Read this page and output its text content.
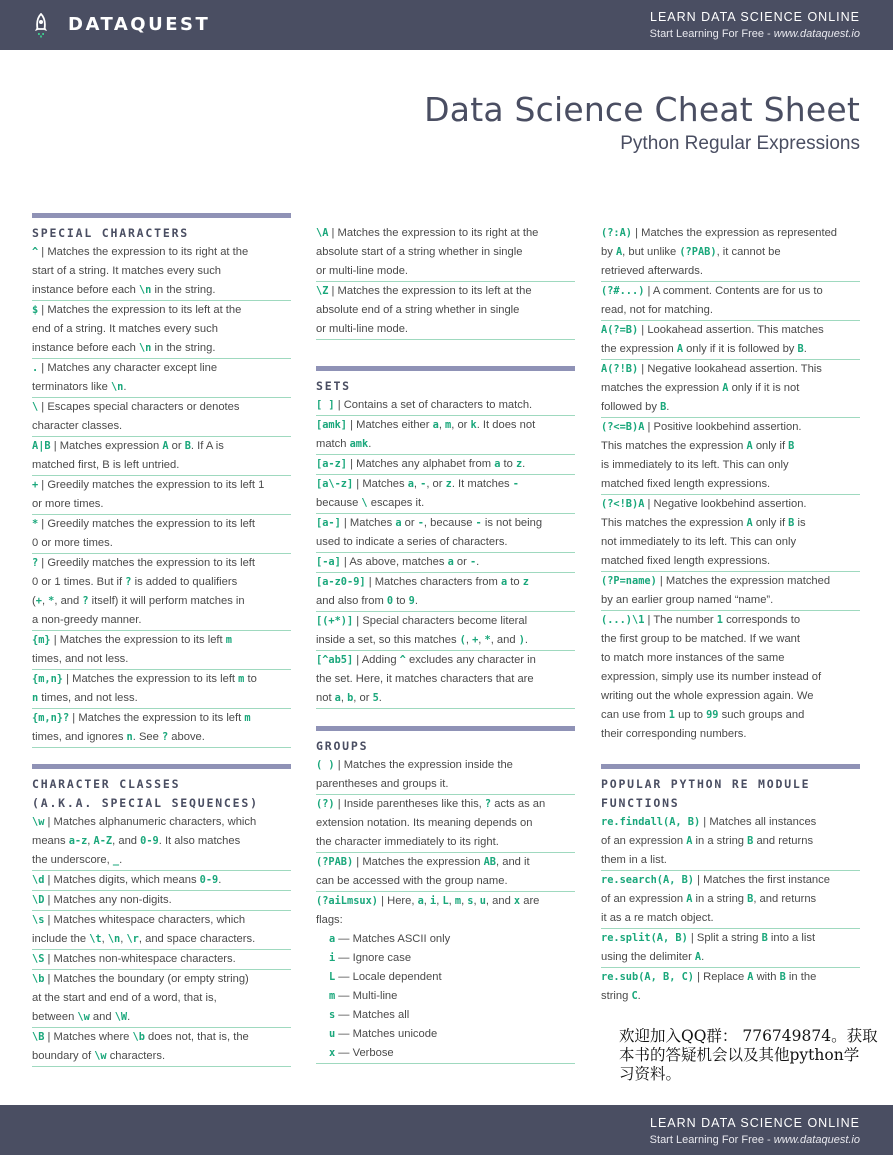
DATAQUEST	LEARN DATA SCIENCE ONLINE
Start Learning For Free - www.dataquest.io
Data Science Cheat Sheet
Python Regular Expressions
SPECIAL CHARACTERS
^ | Matches the expression to its right at the
start of a string. It matches every such
instance before each \n in the string.
$ | Matches the expression to its left at the
end of a string. It matches every such
instance before each \n in the string.
. | Matches any character except line
terminators like \n.
\ | Escapes special characters or denotes
character classes.
A|B | Matches expression A or B. If A is
matched first, B is left untried.
+ | Greedily matches the expression to its left 1
or more times.
* | Greedily matches the expression to its left
0 or more times.
? | Greedily matches the expression to its left
0 or 1 times. But if ? is added to qualifiers
(+, *, and ? itself) it will perform matches in
a non-greedy manner.
{m} | Matches the expression to its left m
times, and not less.
{m,n} | Matches the expression to its left m to
n times, and not less.
{m,n}? | Matches the expression to its left m
times, and ignores n. See ? above.
CHARACTER CLASSES
(A.K.A. SPECIAL SEQUENCES)
\w | Matches alphanumeric characters, which
means a-z, A-Z, and 0-9. It also matches
the underscore, _.
\d | Matches digits, which means 0-9.
\D | Matches any non-digits.
\s | Matches whitespace characters, which
include the \t, \n, \r, and space characters.
\S | Matches non-whitespace characters.
\b | Matches the boundary (or empty string)
at the start and end of a word, that is,
between \w and \W.
\B | Matches where \b does not, that is, the
boundary of \w characters.
\A | Matches the expression to its right at the
absolute start of a string whether in single
or multi-line mode.
\Z | Matches the expression to its left at the
absolute end of a string whether in single
or multi-line mode.
SETS
[ ] | Contains a set of characters to match.
[amk] | Matches either a, m, or k. It does not
match amk.
[a-z] | Matches any alphabet from a to z.
[a\-z] | Matches a, -, or z. It matches -
because \ escapes it.
[a-] | Matches a or -, because - is not being
used to indicate a series of characters.
[-a] | As above, matches a or -.
[a-z0-9] | Matches characters from a to z
and also from 0 to 9.
[(+*)] | Special characters become literal
inside a set, so this matches (, +, *, and ).
[^ab5] | Adding ^ excludes any character in
the set. Here, it matches characters that are
not a, b, or 5.
GROUPS
( ) | Matches the expression inside the
parentheses and groups it.
(?) | Inside parentheses like this, ? acts as an
extension notation. Its meaning depends on
the character immediately to its right.
(?PAB) | Matches the expression AB, and it
can be accessed with the group name.
(?aiLmsux) | Here, a, i, L, m, s, u, and x are
flags:
a — Matches ASCII only
i — Ignore case
L — Locale dependent
m — Multi-line
s — Matches all
u — Matches unicode
x — Verbose
(?:A) | Matches the expression as represented
by A, but unlike (?PAB), it cannot be
retrieved afterwards.
(?#...) | A comment. Contents are for us to
read, not for matching.
A(?=B) | Lookahead assertion. This matches
the expression A only if it is followed by B.
A(?!B) | Negative lookahead assertion. This
matches the expression A only if it is not
followed by B.
(?<=B)A | Positive lookbehind assertion.
This matches the expression A only if B
is immediately to its left. This can only
matched fixed length expressions.
(?<!B)A | Negative lookbehind assertion.
This matches the expression A only if B is
not immediately to its left. This can only
matched fixed length expressions.
(?P=name) | Matches the expression matched
by an earlier group named “name”.
(...)\1 | The number 1 corresponds to
the first group to be matched. If we want
to match more instances of the same
expression, simply use its number instead of
writing out the whole expression again. We
can use from 1 up to 99 such groups and
their corresponding numbers.
POPULAR PYTHON RE MODULE
FUNCTIONS
re.findall(A, B) | Matches all instances
of an expression A in a string B and returns
them in a list.
re.search(A, B) | Matches the first instance
of an expression A in a string B, and returns
it as a re match object.
re.split(A, B) | Split a string B into a list
using the delimiter A.
re.sub(A, B, C) | Replace A with B in the
string C.
欢迎加入QQ群： 776749874。获取
本书的答疑机会以及其他python学
习资料。
LEARN DATA SCIENCE ONLINE
Start Learning For Free - www.dataquest.io
